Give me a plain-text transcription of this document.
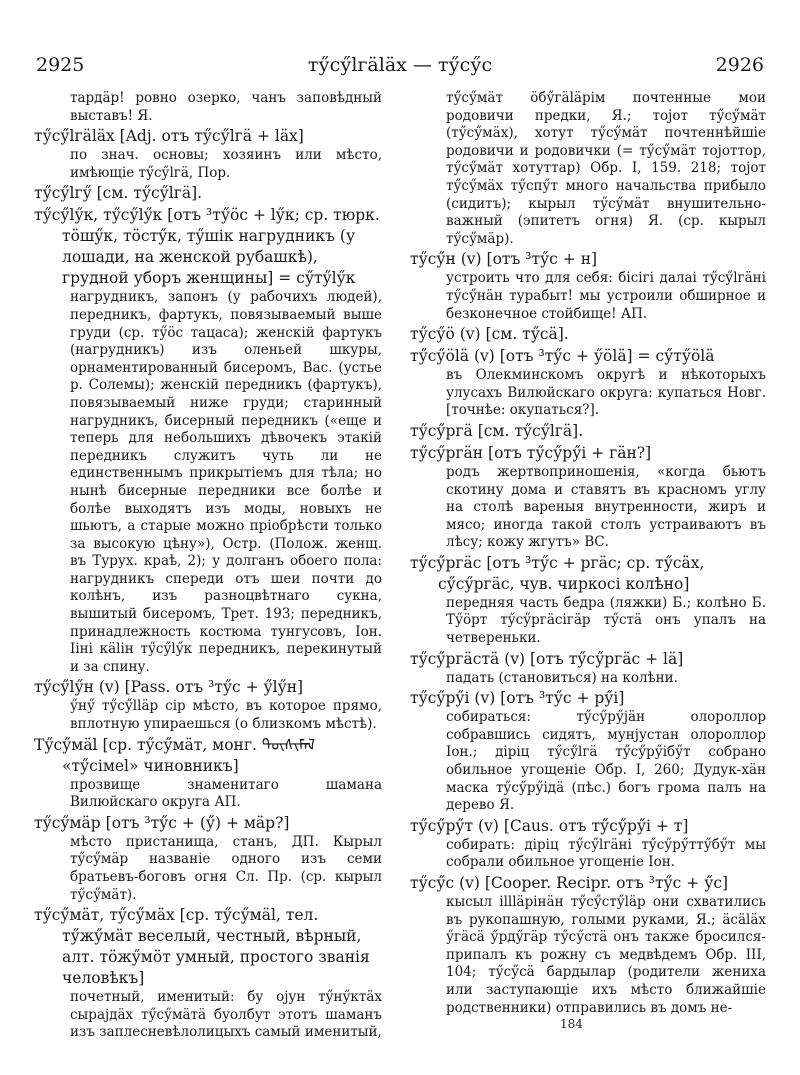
2925	тӳсӳlгäläх — тӳсӳс	2926
тардäр! ровно озерко, чанъ заповѣдный выставъ! Я.
тӳсӳlгäläх [Adj. отъ тӳсӳlгä + läх]
по знач. основы; хозяинъ или мѣсто, имѣющіе тӳсӳlгä, Пор.
тӳсӳlгӳ [см. тӳсӳlгä].
тӳсӳlӳк, тӳсӳlӳк [отъ ³тӳöс + lӳк; ср. тюрк. тöшӳк, тöстӳк, тӳшік нагрудникъ (у лошади, на женской рубашкѣ), грудной уборъ женщины] = сӳтӳlӳк
нагрудникъ, запонъ (у рабочихъ людей), передникъ, фартукъ, повязываемый выше груди (ср. тӳöс тацаса); женскій фартукъ (нагрудникъ) изъ оленьей шкуры, орнаментированный бисеромъ, Вас. (устье р. Солемы); женскій передникъ (фартукъ), повязываемый ниже груди; старинный нагрудникъ, бисерный передникъ («еще и теперь для небольшихъ дѣвочекъ этакій передникъ служитъ чуть ли не единственнымъ прикрытіемъ для тѣла; но нынѣ бисерные передники все болѣе и болѣе выходятъ изъ моды, новыхъ не шьютъ, а старые можно пріобрѣсти только за высокую цѣну»), Остр. (Полож. женщ. въ Турух. краѣ, 2); у долганъ обоего пола: нагрудникъ спереди отъ шеи почти до колѣнъ, изъ разноцвѣтнаго сукна, вышитый бисеромъ, Трет. 193; передникъ, принадлежность костюма тунгусовъ, Іон. Ііні кälін тӳсӳlӳк передникъ, перекинутый и за спину.
тӳсӳlӳн (v) [Pass. отъ ³тӳс + ӳlӳн]
ӳнӳ тӳсӳlläр сір мѣсто, въ которое прямо, вплотную упираешься (о близкомъ мѣстѣ).
Тӳсӳмäl [ср. тӳсӳмäт, монг. ᠲᠦᠰᠢᠮᠡᠯ «тӳсімеl» чиновникъ]
прозвище знаменитаго шамана Вилюйскаго округа АП.
тӳсӳмäр [отъ ³тӳс + (ӳ) + мäр?]
мѣсто пристанища, станъ, ДП. Кырыл тӳсӳмäр названіе одного изъ семи братьевъ-боговъ огня Сл. Пр. (ср. кырыл тӳсӳмäт).
тӳсӳмäт, тӳсӳмäх [ср. тӳсӳмäl, тел. тӳжӳмäт веселый, честный, вѣрный, алт. тöжӳмöт умный, простого званія человѣкъ]
почетный, именитый: бу ојун тӳнӳктäх сырајдäх тӳсӳмäтä буолбут этотъ шаманъ изъ заплесневѣлолицыхъ самый именитый,
тӳсӳмäт öбӳгäläрім почтенные мои родовичи предки, Я.; тојот тӳсӳмäт (тӳсӳмäх), хотут тӳсӳмäт почтеннѣйшіе родовичи и родовички (= тӳсӳмäт тојоттор, тӳсӳмäт хотуттар) Обр. I, 159. 218; тојот тӳсӳмäх тӳспӳт много начальства прибыло (сидитъ); кырыл тӳсӳмäт внушительно-важный (эпитетъ огня) Я. (ср. кырыл тӳсӳмäр).
тӳсӳн (v) [отъ ³тӳс + н]
устроить что для себя: бісігі далаі тӳсӳlгäні тӳсӳнäн турабыт! мы устроили обширное и безконечное стойбище! АП.
тӳсӳö (v) [см. тӳсä].
тӳсӳölä (v) [отъ ³тӳс + ӳölä] = сӳтӳölä
въ Олекминскомъ округѣ и нѣкоторыхъ улусахъ Вилюйскаго округа: купаться Новг. [точнѣе: окупаться?].
тӳсӳргä [см. тӳсӳlгä].
тӳсӳргäн [отъ тӳсӳрӳі + гäн?]
родъ жертвоприношенія, «когда бьютъ скотину дома и ставятъ въ красномъ углу на столѣ вареныя внутренности, жиръ и мясо; иногда такой столъ устраиваютъ въ лѣсу; кожу жгутъ» ВС.
тӳсӳргäс [отъ ³тӳс + ргäс; ср. тӳсäх, сӳсӳргäс, чув. чиркосі колѣно]
передняя часть бедра (ляжки) Б.; колѣно Б. Тӳöрт тӳсӳргäсігäр тӳстä онъ упалъ на четвереньки.
тӳсӳргäстä (v) [отъ тӳсӳргäс + lä]
падать (становиться) на колѣни.
тӳсӳрӳі (v) [отъ ³тӳс + рӳі]
собираться: тӳсӳрӳјäн олороллор собравшись сидятъ, мунјустан олороллор Іон.; діріц тӳсӳlгä тӳсӳрӳібӳт собрано обильное угощеніе Обр. I, 260; Дудук-хäн маска тӳсӳрӳідä (пѣс.) богъ грома палъ на дерево Я.
тӳсӳрӳт (v) [Caus. отъ тӳсӳрӳі + т]
собирать: діріц тӳсӳlгäні тӳсӳрӳттӳбӳт мы собрали обильное угощеніе Іон.
тӳсӳс (v) [Cooper. Recipr. отъ ³тӳс + ӳс]
кысыл іllläрінäн тӳсӳстӳläр они схватились въ рукопашную, голыми руками, Я.; äсäläх ӳгäсä ӳрдӳгäр тӳсӳстä онъ также бросился-припалъ къ рожну съ медвѣдемъ Обр. III, 104; тӳсӳсä бардылар (родители жениха или заступающіе ихъ мѣсто ближайшіе родственники) отправились въ домъ не-
184
